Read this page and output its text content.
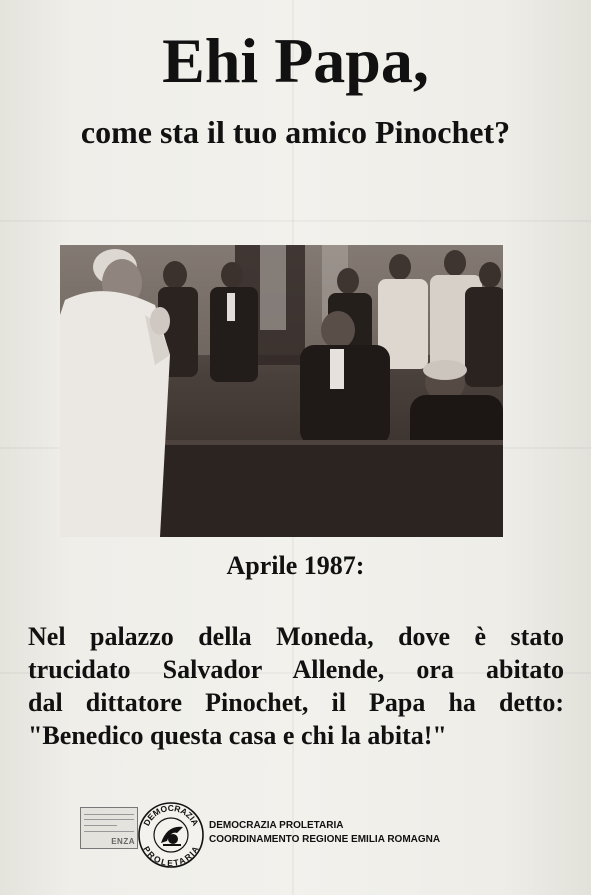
Ehi Papa,
come sta il tuo amico Pinochet?
Aprile 1987:
Nel palazzo della Moneda, dove è stato
trucidato Salvador Allende, ora abitato
dal dittatore Pinochet, il Papa ha detto:
"Benedico questa casa e chi la abita!"
ENZA
DEMOCRAZIA
PROLETARIA
DEMOCRAZIA PROLETARIA
COORDINAMENTO REGIONE EMILIA ROMAGNA
